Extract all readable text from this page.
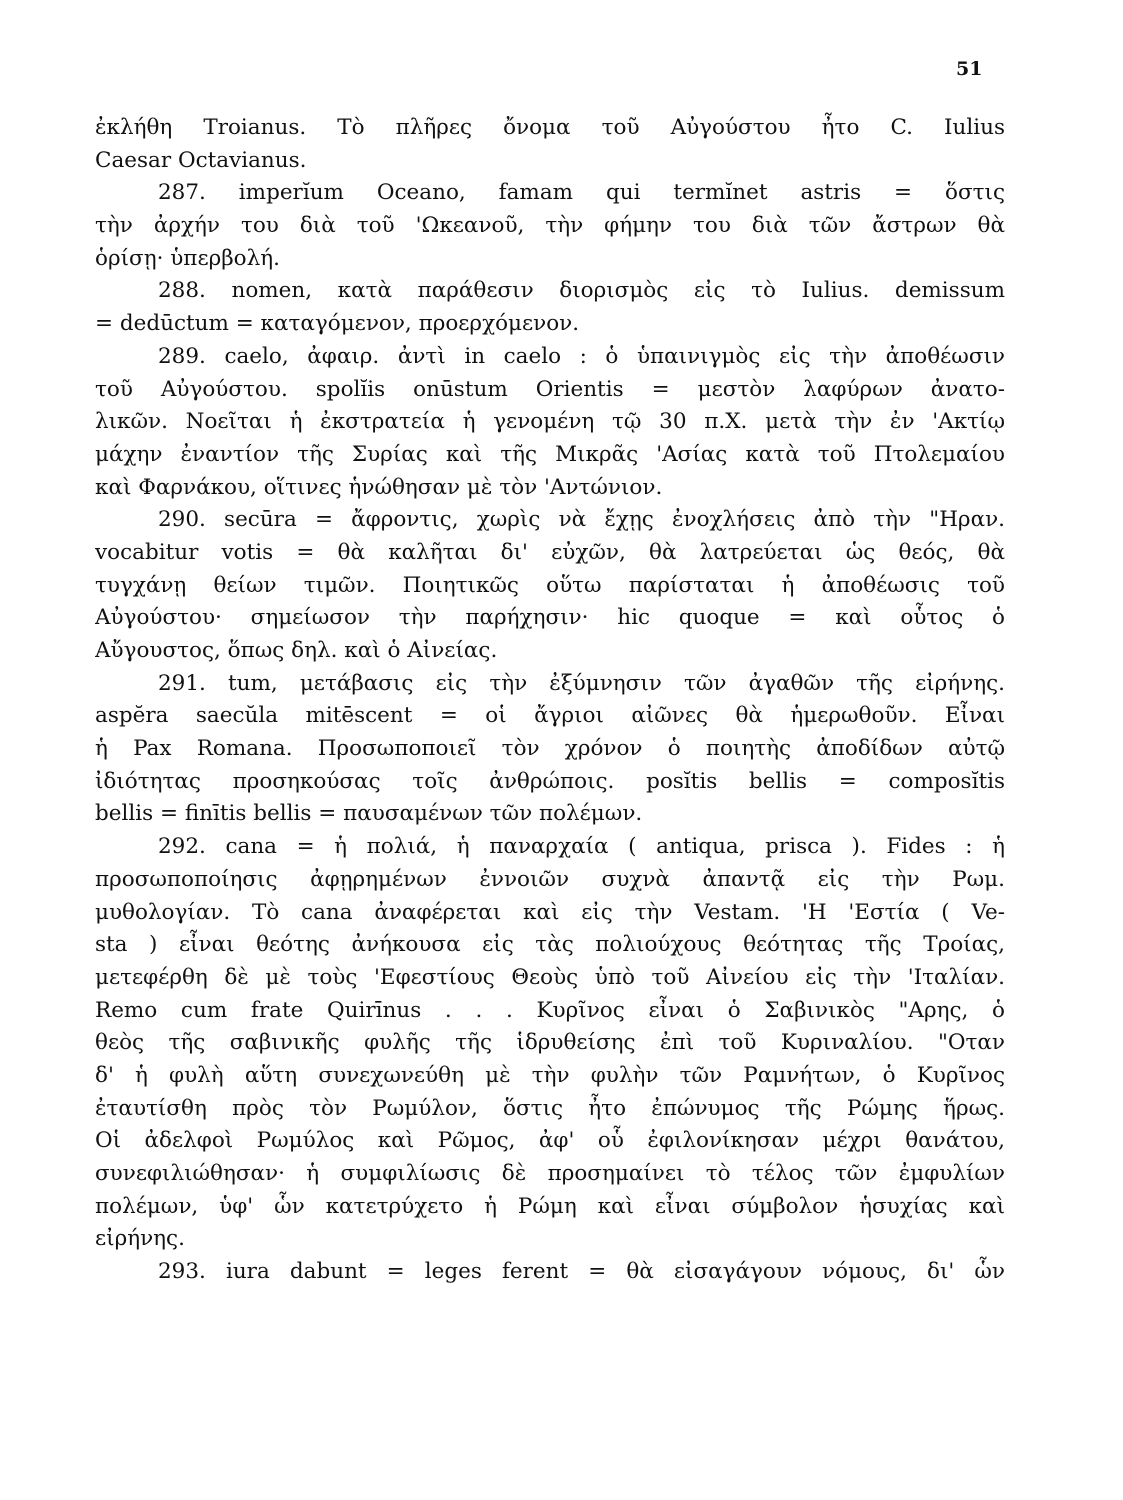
51
ἐκλήθη Troianus. Τὸ πλῆρες ὄνομα τοῦ Αὐγούστου ἦτο C. Iulius
Caesar Octavianus.
287. imperĭum Oceano, famam qui termĭnet astris = ὅστις
τὴν ἀρχήν του διὰ τοῦ 'Ωκεανοῦ, τὴν φήμην του διὰ τῶν ἄστρων θὰ
ὁρίσῃ· ὑπερβολή.
288. nomen, κατὰ παράθεσιν διορισμὸς εἰς τὸ Iulius. demissum
= dedūctum = καταγόμενον, προερχόμενον.
289. caelo, ἀφαιρ. ἀντὶ in caelo : ὁ ὑπαινιγμὸς εἰς τὴν ἀποθέωσιν
τοῦ Αὐγούστου. spolĭis onūstum Orientis = μεστὸν λαφύρων ἀνατο-
λικῶν. Νοεῖται ἡ ἐκστρατεία ἡ γενομένη τῷ 30 π.Χ. μετὰ τὴν ἐν 'Ακτίῳ
μάχην ἐναντίον τῆς Συρίας καὶ τῆς Μικρᾶς 'Ασίας κατὰ τοῦ Πτολεμαίου
καὶ Φαρνάκου, οἵτινες ἡνώθησαν μὲ τὸν 'Αντώνιον.
290. secūra = ἄφροντις, χωρὶς νὰ ἔχῃς ἐνοχλήσεις ἀπὸ τὴν "Ηραν.
vocabitur votis = θὰ καλῆται δι' εὐχῶν, θὰ λατρεύεται ὡς θεός, θὰ
τυγχάνῃ θείων τιμῶν. Ποιητικῶς οὕτω παρίσταται ἡ ἀποθέωσις τοῦ
Αὐγούστου· σημείωσον τὴν παρήχησιν· hic quoque = καὶ οὗτος ὁ
Αὔγουστος, ὅπως δηλ. καὶ ὁ Αἰνείας.
291. tum, μετάβασις εἰς τὴν ἐξύμνησιν τῶν ἀγαθῶν τῆς εἰρήνης.
aspĕra saecŭla mitēscent = οἱ ἄγριοι αἰῶνες θὰ ἡμερωθοῦν. Εἶναι
ἡ Pax Romana. Προσωποποιεῖ τὸν χρόνον ὁ ποιητὴς ἀποδίδων αὐτῷ
ἰδιότητας προσηκούσας τοῖς ἀνθρώποις. posĭtis bellis = composĭtis
bellis = finītis bellis = παυσαμένων τῶν πολέμων.
292. cana = ἡ πολιά, ἡ παναρχαία ( antiqua, prisca ). Fides : ἡ
προσωποποίησις ἀφῃρημένων ἐννοιῶν συχνὰ ἀπαντᾷ εἰς τὴν Ρωμ.
μυθολογίαν. Τὸ cana ἀναφέρεται καὶ εἰς τὴν Vestam. 'Η 'Εστία ( Ve-
sta ) εἶναι θεότης ἀνήκουσα εἰς τὰς πολιούχους θεότητας τῆς Τροίας,
μετεφέρθη δὲ μὲ τοὺς 'Εφεστίους Θεοὺς ὑπὸ τοῦ Αἰνείου εἰς τὴν 'Ιταλίαν.
Remo cum frate Quirīnus . . . Κυρῖνος εἶναι ὁ Σαβινικὸς "Αρης, ὁ
θεὸς τῆς σαβινικῆς φυλῆς τῆς ἱδρυθείσης ἐπὶ τοῦ Κυριναλίου. "Οταν
δ' ἡ φυλὴ αὕτη συνεχωνεύθη μὲ τὴν φυλὴν τῶν Ραμνήτων, ὁ Κυρῖνος
ἐταυτίσθη πρὸς τὸν Ρωμύλον, ὅστις ἦτο ἐπώνυμος τῆς Ρώμης ἥρως.
Οἱ ἀδελφοὶ Ρωμύλος καὶ Ρῶμος, ἀφ' οὗ ἐφιλονίκησαν μέχρι θανάτου,
συνεφιλιώθησαν· ἡ συμφιλίωσις δὲ προσημαίνει τὸ τέλος τῶν ἐμφυλίων
πολέμων, ὑφ' ὧν κατετρύχετο ἡ Ρώμη καὶ εἶναι σύμβολον ἡσυχίας καὶ
εἰρήνης.
293. iura dabunt = leges ferent = θὰ εἰσαγάγουν νόμους, δι' ὧν
